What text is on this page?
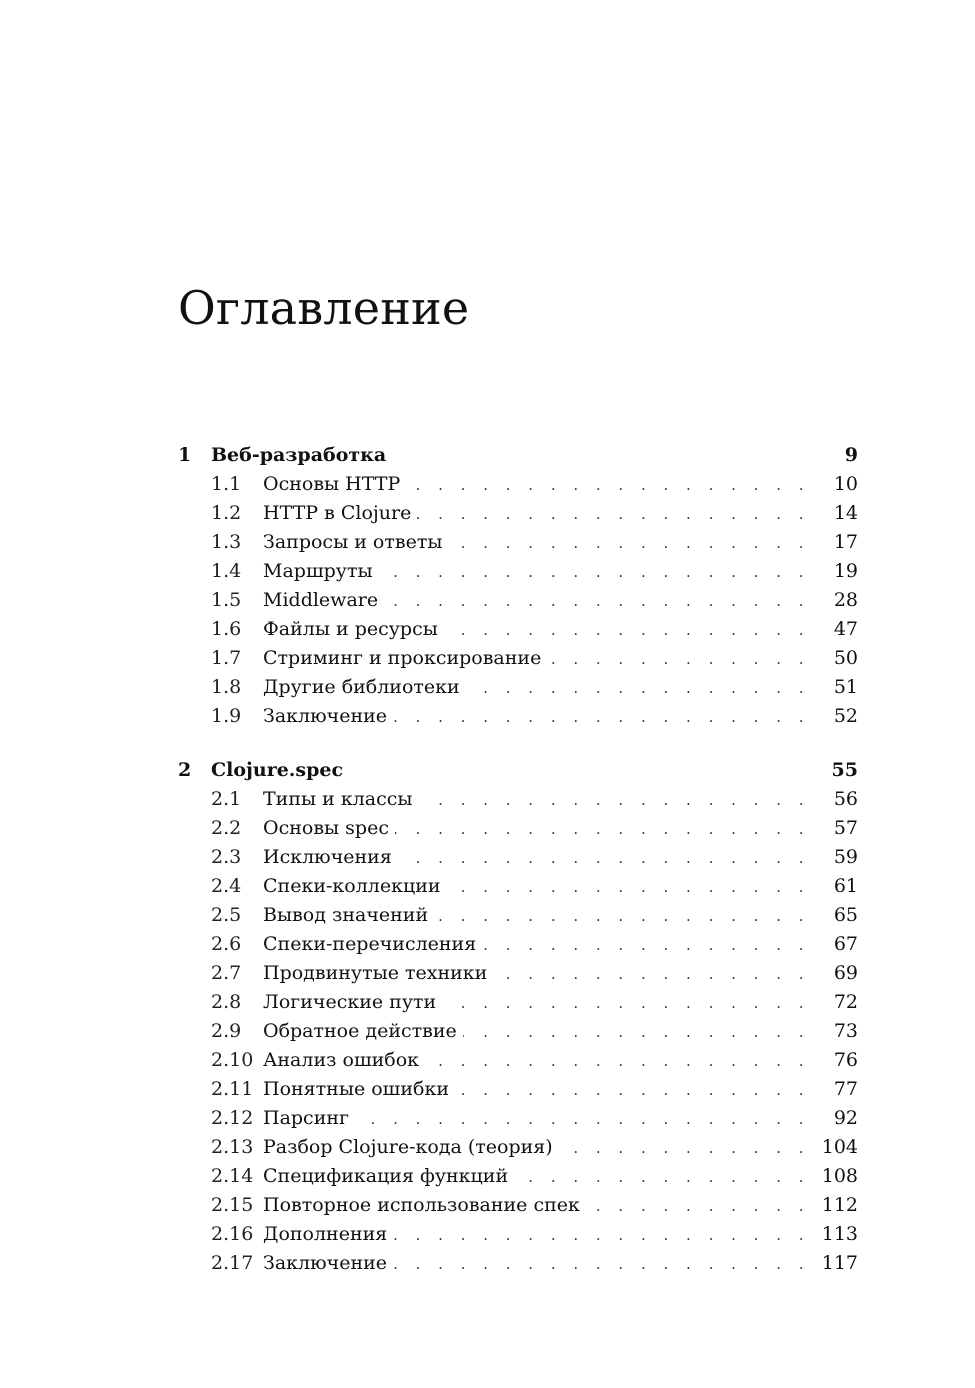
Оглавление
1	Веб-разработка	9
1.1	Основы HTTP . . .	10
1.2	HTTP в Clojure . . .	14
1.3	Запросы и ответы . . .	17
1.4	Маршруты . . .	19
1.5	Middleware . . .	28
1.6	Файлы и ресурсы . . .	47
1.7	Стриминг и проксирование . . .	50
1.8	Другие библиотеки . . .	51
1.9	Заключение . . .	52
2	Clojure.spec	55
2.1	Типы и классы . . .	56
2.2	Основы spec . . .	57
2.3	Исключения . . .	59
2.4	Спеки-коллекции . . .	61
2.5	Вывод значений . . .	65
2.6	Спеки-перечисления . . .	67
2.7	Продвинутые техники . . .	69
2.8	Логические пути . . .	72
2.9	Обратное действие . . .	73
2.10 Анализ ошибок . . .	76
2.11 Понятные ошибки . . .	77
2.12 Парсинг . . .	92
2.13 Разбор Clojure-кода (теория) . . .	104
2.14 Спецификация функций . . .	108
2.15 Повторное использование спек . . .	112
2.16 Дополнения . . .	113
2.17 Заключение . . .	117
